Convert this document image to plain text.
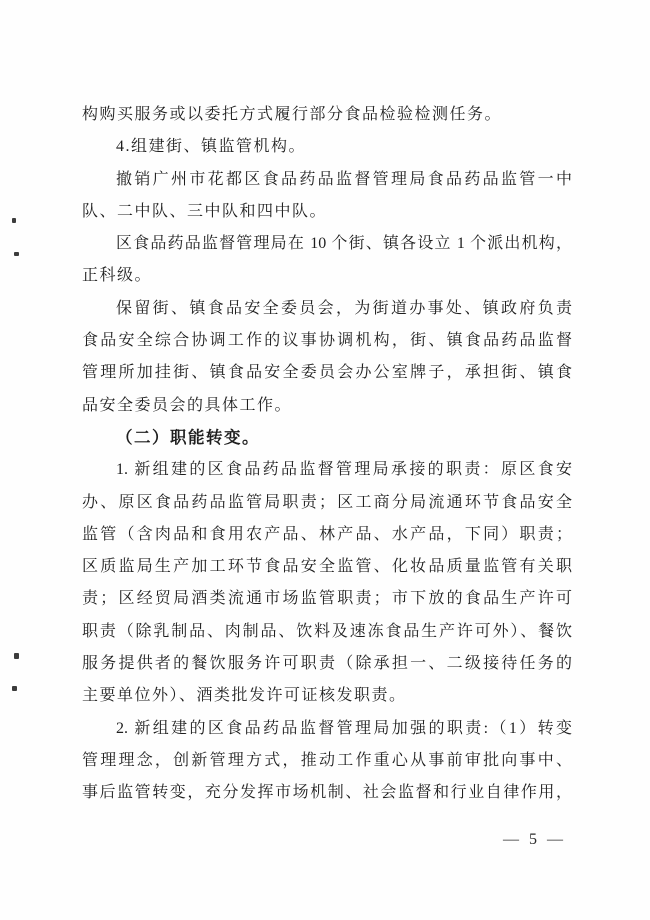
构购买服务或以委托方式履行部分食品检验检测任务。
4.组建街、镇监管机构。
撤销广州市花都区食品药品监督管理局食品药品监管一中
队、二中队、三中队和四中队。
区食品药品监督管理局在 10 个街、镇各设立 1 个派出机构，
正科级。
保留街、镇食品安全委员会，为街道办事处、镇政府负责
食品安全综合协调工作的议事协调机构，街、镇食品药品监督
管理所加挂街、镇食品安全委员会办公室牌子，承担街、镇食
品安全委员会的具体工作。
（二）职能转变。
1. 新组建的区食品药品监督管理局承接的职责：原区食安
办、原区食品药品监管局职责；区工商分局流通环节食品安全
监管（含肉品和食用农产品、林产品、水产品，下同）职责；
区质监局生产加工环节食品安全监管、化妆品质量监管有关职
责；区经贸局酒类流通市场监管职责；市下放的食品生产许可
职责（除乳制品、肉制品、饮料及速冻食品生产许可外）、餐饮
服务提供者的餐饮服务许可职责（除承担一、二级接待任务的
主要单位外）、酒类批发许可证核发职责。
2. 新组建的区食品药品监督管理局加强的职责:（1）转变
管理理念，创新管理方式，推动工作重心从事前审批向事中、
事后监管转变，充分发挥市场机制、社会监督和行业自律作用，
— 5 —
